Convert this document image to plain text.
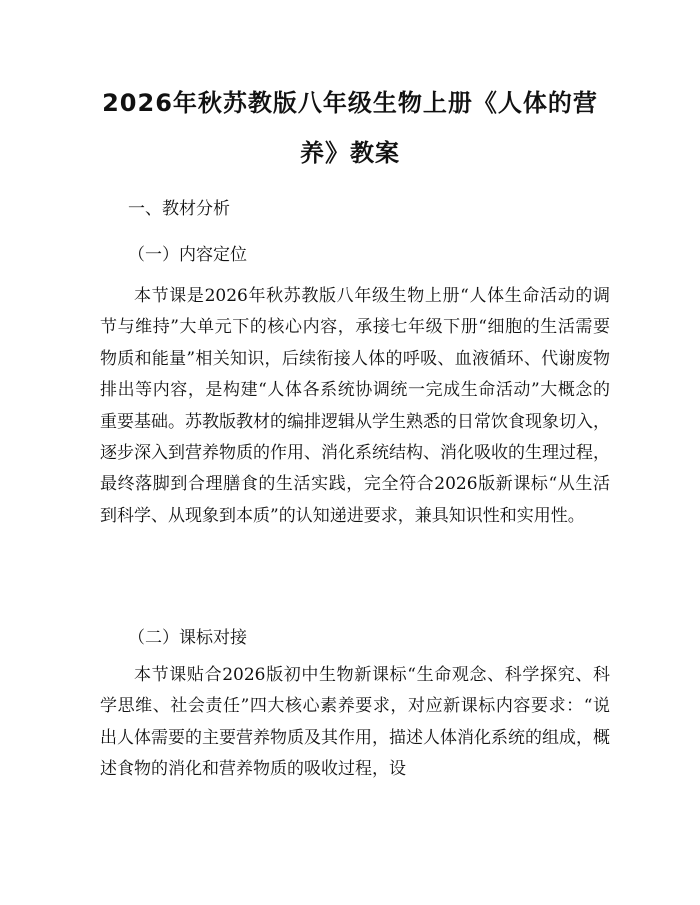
2026年秋苏教版八年级生物上册《人体的营养》教案
一、教材分析
（一）内容定位
本节课是2026年秋苏教版八年级生物上册“人体生命活动的调节与维持”大单元下的核心内容，承接七年级下册“细胞的生活需要物质和能量”相关知识，后续衔接人体的呼吸、血液循环、代谢废物排出等内容，是构建“人体各系统协调统一完成生命活动”大概念的重要基础。苏教版教材的编排逻辑从学生熟悉的日常饮食现象切入，逐步深入到营养物质的作用、消化系统结构、消化吸收的生理过程，最终落脚到合理膳食的生活实践，完全符合2026版新课标“从生活到科学、从现象到本质”的认知递进要求，兼具知识性和实用性。
（二）课标对接
本节课贴合2026版初中生物新课标“生命观念、科学探究、科学思维、社会责任”四大核心素养要求，对应新课标内容要求：“说出人体需要的主要营养物质及其作用，描述人体消化系统的组成，概述食物的消化和营养物质的吸收过程，设
